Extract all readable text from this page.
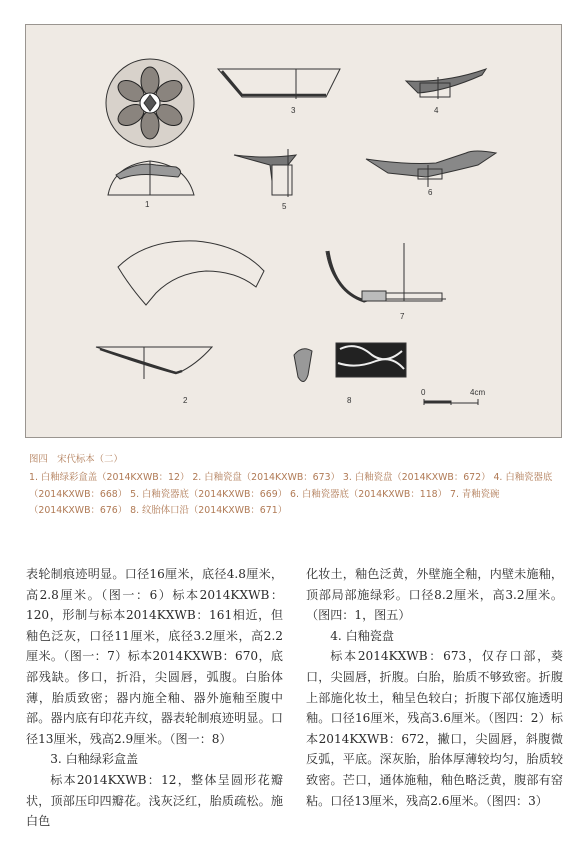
1
2
3	4
5
6
7
8
0	4cm
图四　宋代标本（二）
1. 白釉绿彩盒盖（2014KXWB：12） 2. 白釉瓷盘（2014KXWB：673） 3. 白釉瓷盘（2014KXWB：672） 4. 白釉瓷器底（2014KXWB：668） 5. 白釉瓷器底（2014KXWB：669） 6. 白釉瓷器底（2014KXWB：118） 7. 青釉瓷碗（2014KXWB：676） 8. 纹胎体口沿（2014KXWB：671）

表轮制痕迹明显。口径16厘米，底径4.8厘米，高2.8厘米。（图一：6）标本2014KXWB：120，形制与标本2014KXWB：161相近，但釉色泛灰，口径11厘米，底径3.2厘米，高2.2厘米。（图一：7）标本2014KXWB：670，底部残缺。侈口，折沿，尖圆唇，弧腹。白胎体薄，胎质致密；器内施全釉、器外施釉至腹中部。器内底有印花卉纹，器表轮制痕迹明显。口径13厘米，残高2.9厘米。（图一：8）

3. 白釉绿彩盒盖

标本2014KXWB：12，整体呈圆形花瓣状，顶部压印四瓣花。浅灰泛红，胎质疏松。施白色

化妆土，釉色泛黄，外壁施全釉，内壁未施釉，顶部局部施绿彩。口径8.2厘米，高3.2厘米。（图四：1，图五）

4. 白釉瓷盘

标本2014KXWB：673，仅存口部，葵口，尖圆唇，折腹。白胎，胎质不够致密。折腹上部施化妆土，釉呈色较白；折腹下部仅施透明釉。口径16厘米，残高3.6厘米。（图四：2）标本2014KXWB：672，撇口，尖圆唇，斜腹微反弧，平底。深灰胎，胎体厚薄较均匀，胎质较致密。芒口，通体施釉，釉色略泛黄，腹部有窑粘。口径13厘米，残高2.6厘米。（图四：3）
